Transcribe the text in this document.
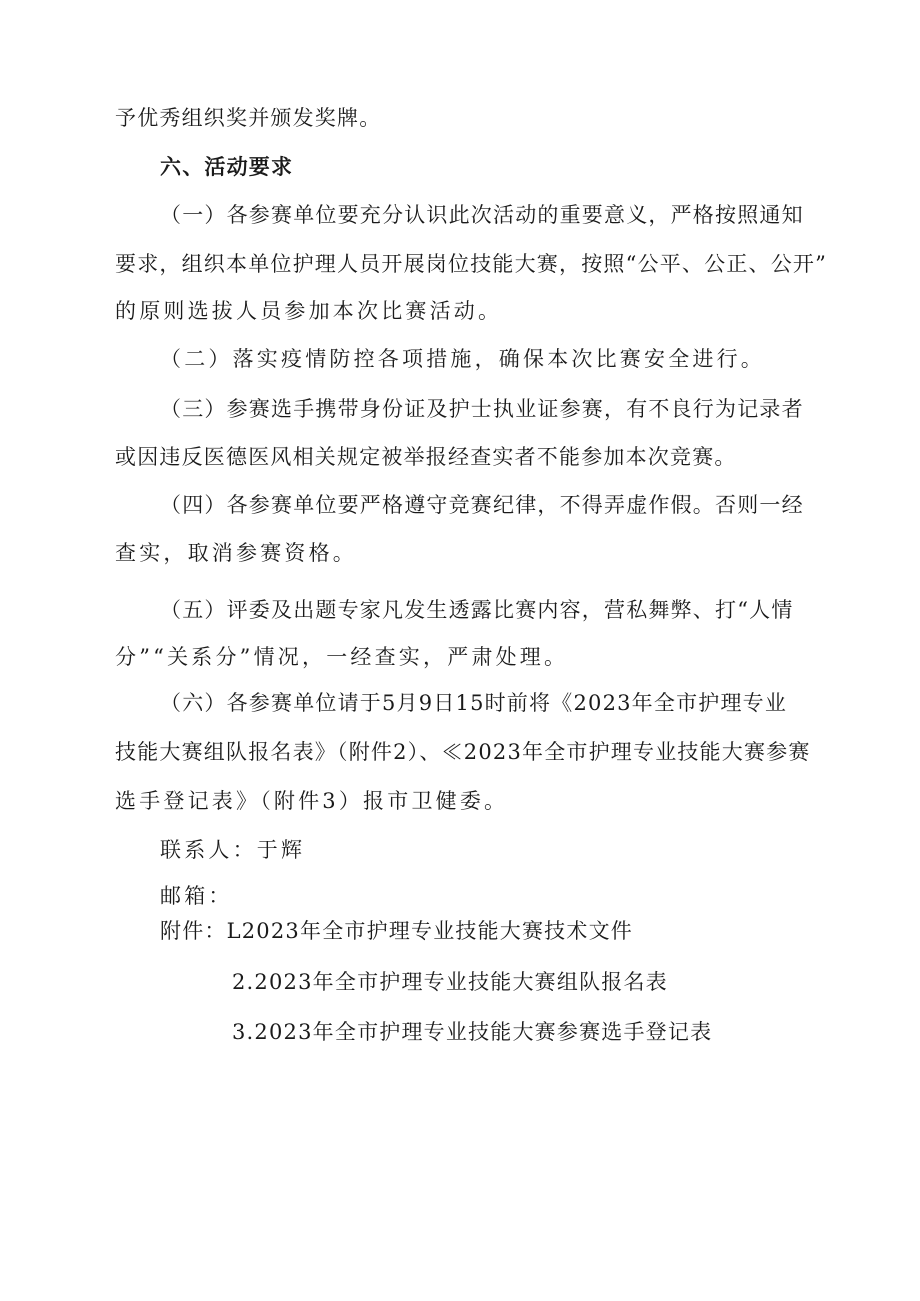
予优秀组织奖并颁发奖牌。
六、活动要求
（一）各参赛单位要充分认识此次活动的重要意义，严格按照通知
要求，组织本单位护理人员开展岗位技能大赛，按照“公平、公正、公开”
的原则选拔人员参加本次比赛活动。
（二）落实疫情防控各项措施，确保本次比赛安全进行。
（三）参赛选手携带身份证及护士执业证参赛，有不良行为记录者
或因违反医德医风相关规定被举报经查实者不能参加本次竞赛。
（四）各参赛单位要严格遵守竞赛纪律，不得弄虚作假。否则一经
查实，取消参赛资格。
（五）评委及出题专家凡发生透露比赛内容，营私舞弊、打“人情
分”“关系分”情况，一经查实，严肃处理。
（六）各参赛单位请于5月9日15时前将《2023年全市护理专业
技能大赛组队报名表》（附件2）、≪2023年全市护理专业技能大赛参赛
选手登记表》（附件3）报市卫健委。
联系人：于辉
邮箱：
附件：L2023年全市护理专业技能大赛技术文件
2.2023年全市护理专业技能大赛组队报名表
3.2023年全市护理专业技能大赛参赛选手登记表
